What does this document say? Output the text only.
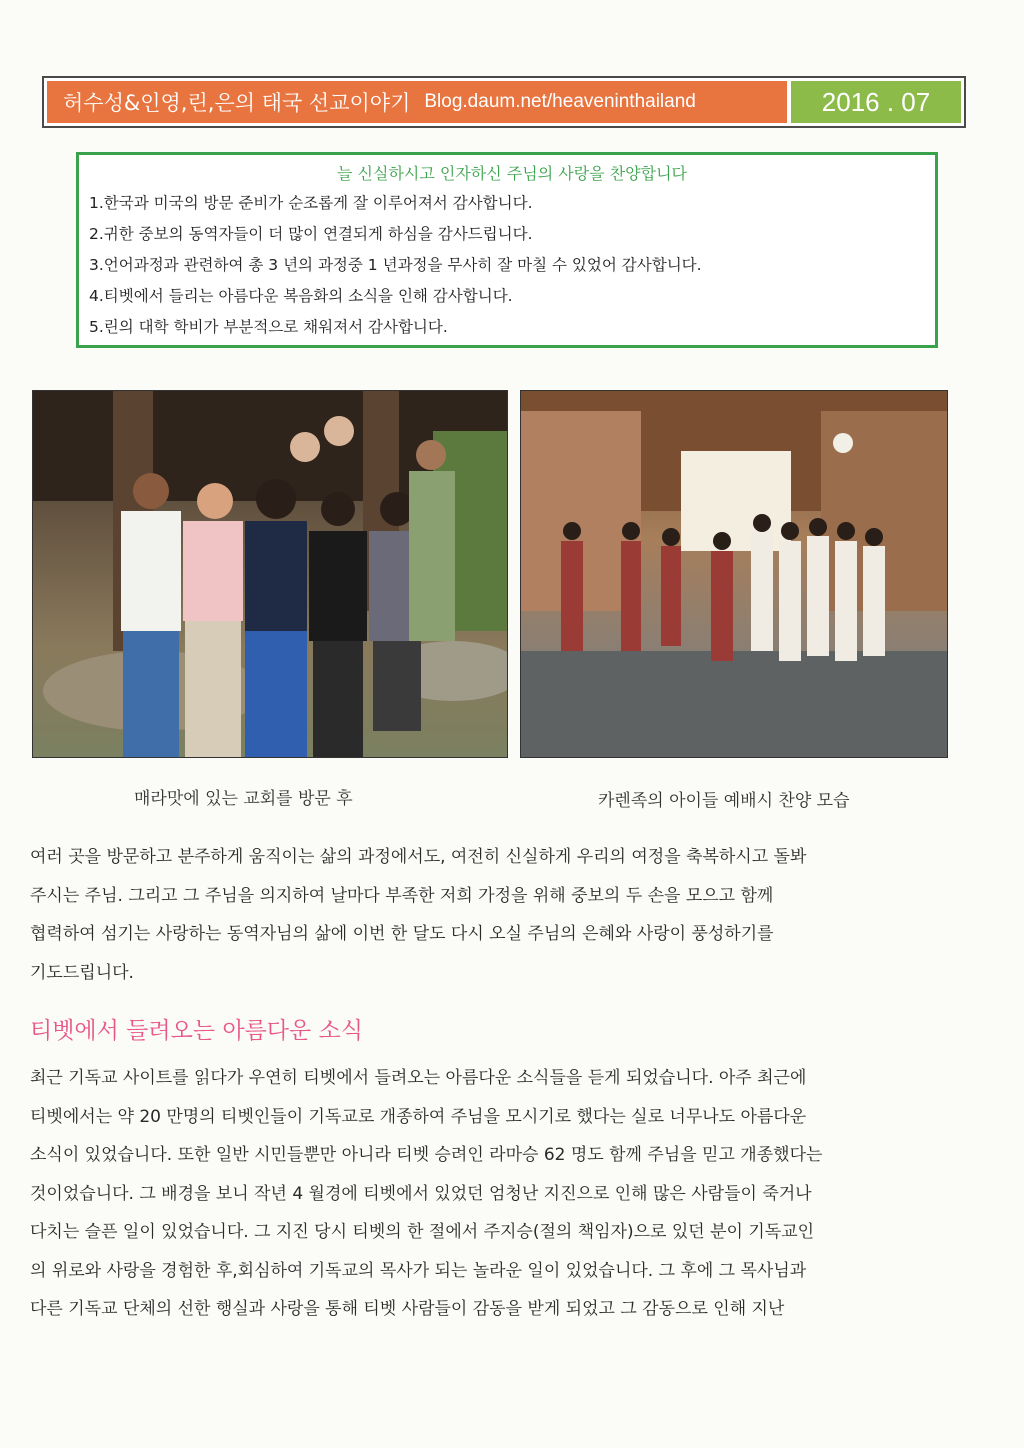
허수성&인영,린,은의 태국 선교이야기 Blog.daum.net/heaveninthailand	2016 . 07
늘 신실하시고 인자하신 주님의 사랑을 찬양합니다
1.한국과 미국의 방문 준비가 순조롭게 잘 이루어져서 감사합니다.
2.귀한 중보의 동역자들이 더 많이 연결되게 하심을 감사드립니다.
3.언어과정과 관련하여 총 3 년의 과정중 1 년과정을 무사히 잘 마칠 수 있었어 감사합니다.
4.티벳에서 들리는 아름다운 복음화의 소식을 인해 감사합니다.
5.린의 대학 학비가 부분적으로 채워져서 감사합니다.
매라맛에 있는 교회를 방문 후	카렌족의 아이들 예배시 찬양 모습

여러 곳을 방문하고 분주하게 움직이는 삶의 과정에서도, 여전히 신실하게 우리의 여정을 축복하시고 돌봐

주시는 주님. 그리고 그 주님을 의지하여 날마다 부족한 저희 가정을 위해 중보의 두 손을 모으고 함께

협력하여 섬기는 사랑하는 동역자님의 삶에 이번 한 달도 다시 오실 주님의 은혜와 사랑이 풍성하기를

기도드립니다.

티벳에서 들려오는 아름다운 소식

최근 기독교 사이트를 읽다가 우연히 티벳에서 들려오는 아름다운 소식들을 듣게 되었습니다. 아주 최근에

티벳에서는 약 20 만명의 티벳인들이 기독교로 개종하여 주님을 모시기로 했다는 실로 너무나도 아름다운

소식이 있었습니다. 또한 일반 시민들뿐만 아니라 티벳 승려인 라마승 62 명도 함께 주님을 믿고 개종했다는

것이었습니다. 그 배경을 보니 작년 4 월경에 티벳에서 있었던 엄청난 지진으로 인해 많은 사람들이 죽거나

다치는 슬픈 일이 있었습니다. 그 지진 당시 티벳의 한 절에서 주지승(절의 책임자)으로 있던 분이 기독교인

의 위로와 사랑을 경험한 후,회심하여 기독교의 목사가 되는 놀라운 일이 있었습니다. 그 후에 그 목사님과

다른 기독교 단체의 선한 행실과 사랑을 통해 티벳 사람들이 감동을 받게 되었고 그 감동으로 인해 지난
